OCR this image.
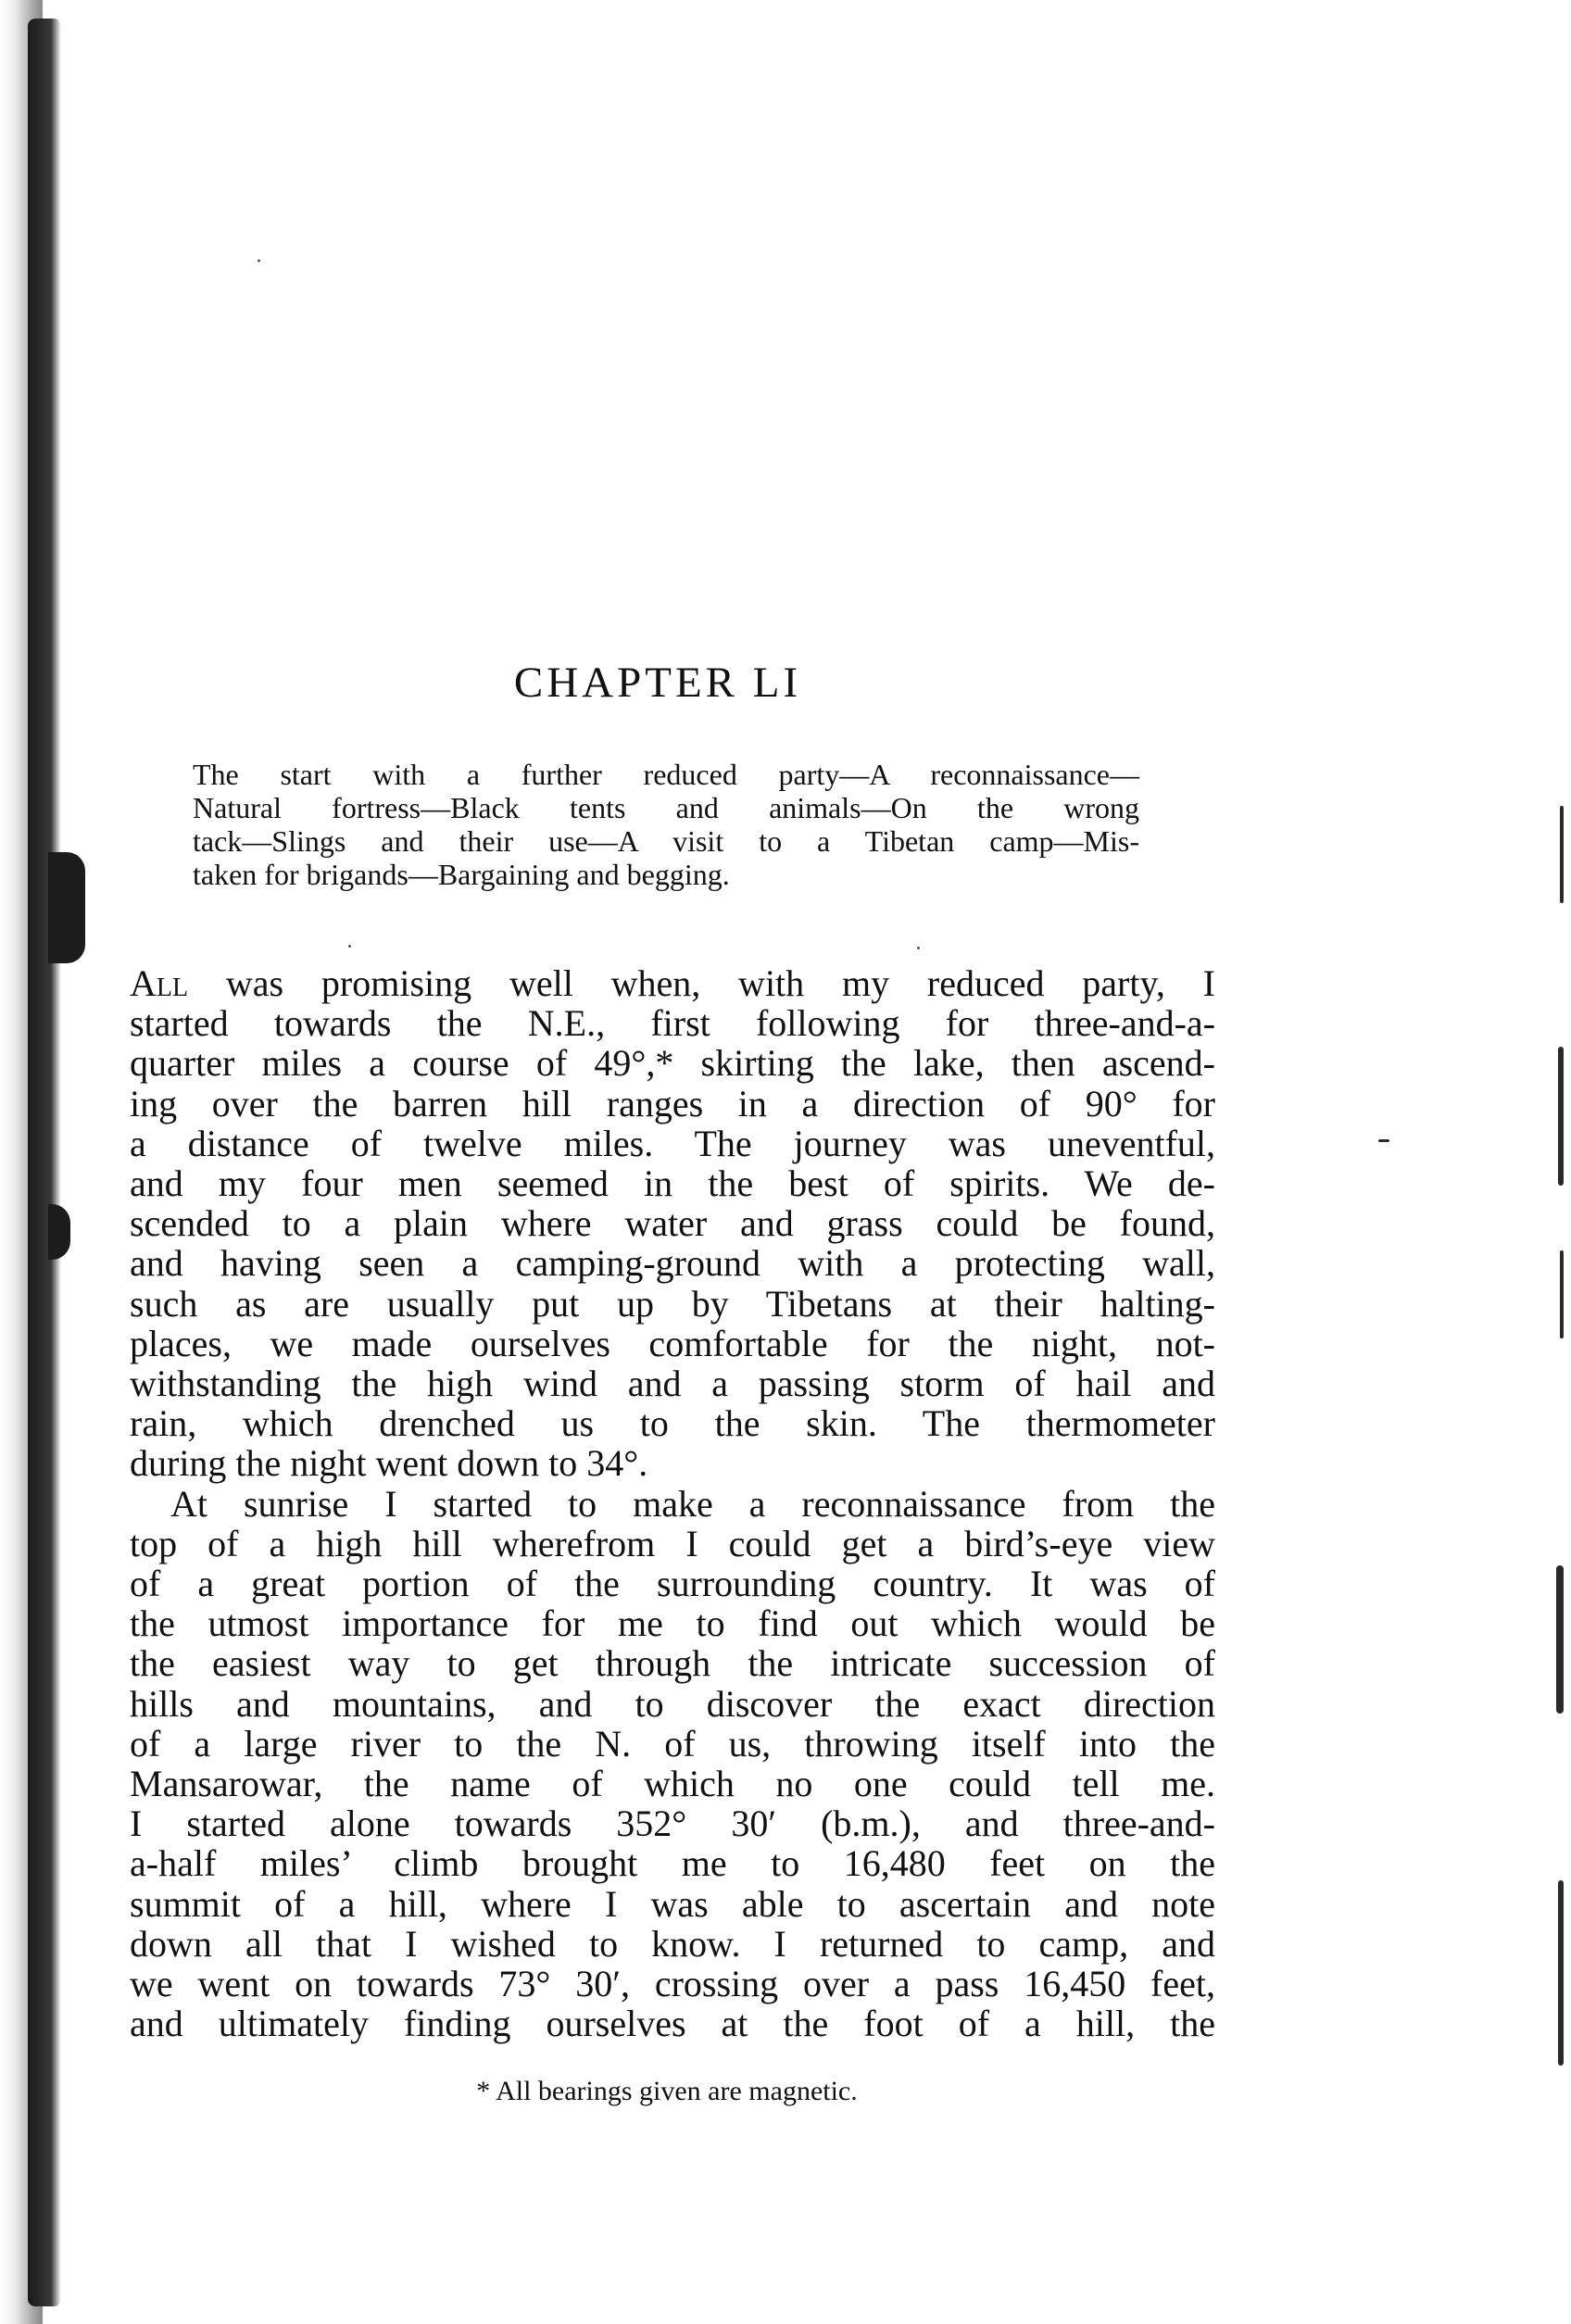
CHAPTER LI
The start with a further reduced party—A reconnaissance—
Natural fortress—Black tents and animals—On the wrong
tack—Slings and their use—A visit to a Tibetan camp—Mis-
taken for brigands—Bargaining and begging.
All was promising well when, with my reduced party, I
started towards the N.E., first following for three-and-a-
quarter miles a course of 49°,* skirting the lake, then ascend-
ing over the barren hill ranges in a direction of 90° for
a distance of twelve miles. The journey was uneventful,
and my four men seemed in the best of spirits. We de-
scended to a plain where water and grass could be found,
and having seen a camping-ground with a protecting wall,
such as are usually put up by Tibetans at their halting-
places, we made ourselves comfortable for the night, not-
withstanding the high wind and a passing storm of hail and
rain, which drenched us to the skin. The thermometer
during the night went down to 34°.
At sunrise I started to make a reconnaissance from the
top of a high hill wherefrom I could get a bird’s-eye view
of a great portion of the surrounding country. It was of
the utmost importance for me to find out which would be
the easiest way to get through the intricate succession of
hills and mountains, and to discover the exact direction
of a large river to the N. of us, throwing itself into the
Mansarowar, the name of which no one could tell me.
I started alone towards 352° 30′ (b.m.), and three-and-
a-half miles’ climb brought me to 16,480 feet on the
summit of a hill, where I was able to ascertain and note
down all that I wished to know. I returned to camp, and
we went on towards 73° 30′, crossing over a pass 16,450 feet,
and ultimately finding ourselves at the foot of a hill, the

* All bearings given are magnetic.
